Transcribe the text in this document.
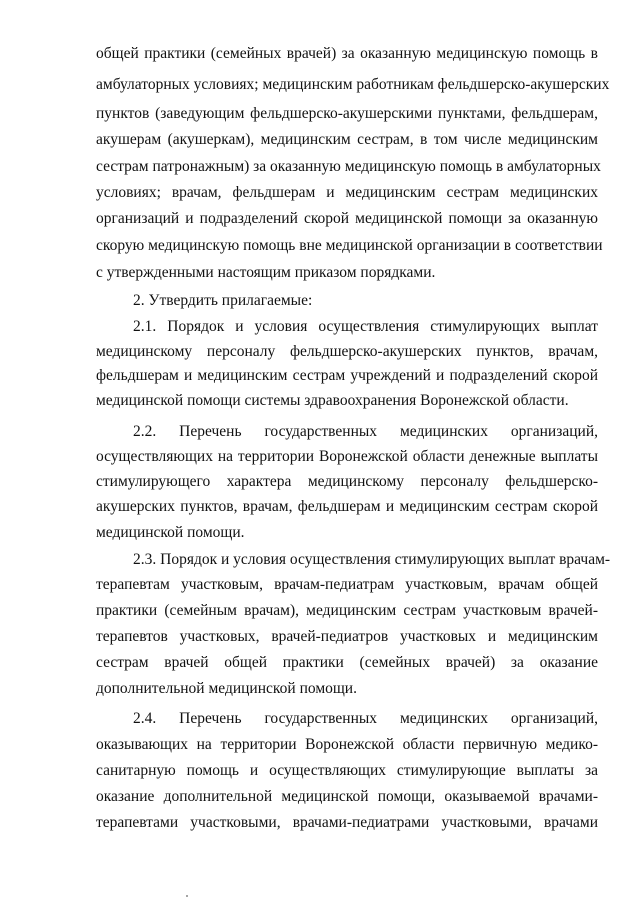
общей практики (семейных врачей) за оказанную медицинскую помощь в
амбулаторных условиях; медицинским работникам фельдшерско-акушерских
пунктов (заведующим фельдшерско-акушерскими пунктами, фельдшерам,
акушерам (акушеркам), медицинским сестрам, в том числе медицинским
сестрам патронажным) за оказанную медицинскую помощь в амбулаторных
условиях; врачам, фельдшерам и медицинским сестрам медицинских
организаций и подразделений скорой медицинской помощи за оказанную
скорую медицинскую помощь вне медицинской организации в соответствии
с утвержденными настоящим приказом порядками.
2. Утвердить прилагаемые:
2.1. Порядок и условия осуществления стимулирующих выплат
медицинскому персоналу фельдшерско-акушерских пунктов, врачам,
фельдшерам и медицинским сестрам учреждений и подразделений скорой
медицинской помощи системы здравоохранения Воронежской области.
2.2. Перечень государственных медицинских организаций,
осуществляющих на территории Воронежской области денежные выплаты
стимулирующего характера медицинскому персоналу фельдшерско-
акушерских пунктов, врачам, фельдшерам и медицинским сестрам скорой
медицинской помощи.
2.3. Порядок и условия осуществления стимулирующих выплат врачам-
терапевтам участковым, врачам-педиатрам участковым, врачам общей
практики (семейным врачам), медицинским сестрам участковым врачей-
терапевтов участковых, врачей-педиатров участковых и медицинским
сестрам врачей общей практики (семейных врачей) за оказание
дополнительной медицинской помощи.
2.4. Перечень государственных медицинских организаций,
оказывающих на территории Воронежской области первичную медико-
санитарную помощь и осуществляющих стимулирующие выплаты за
оказание дополнительной медицинской помощи, оказываемой врачами-
терапевтами участковыми, врачами-педиатрами участковыми, врачами
